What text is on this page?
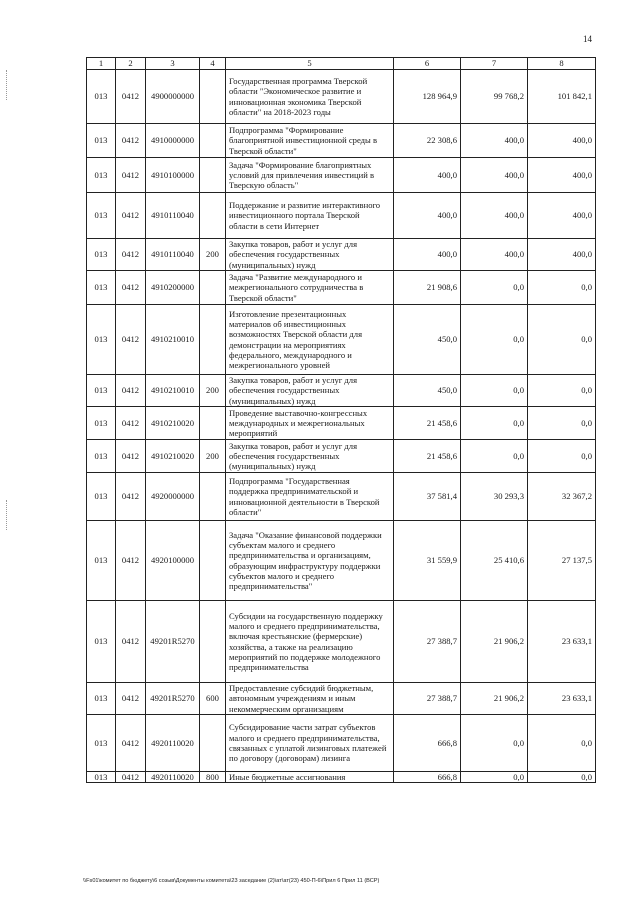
14
1	2	3	4	5	6	7	8
013	0412	4900000000		Государственная программа Тверской области "Экономическое развитие и инновационная экономика Тверской области" на 2018-2023 годы	128 964,9	99 768,2	101 842,1
013	0412	4910000000		Подпрограмма "Формирование благоприятной инвестиционной среды в Тверской области"	22 308,6	400,0	400,0
013	0412	4910100000		Задача "Формирование благоприятных условий для привлечения инвестиций в Тверскую область"	400,0	400,0	400,0
013	0412	4910110040		Поддержание и развитие интерактивного инвестиционного портала Тверской области в сети Интернет	400,0	400,0	400,0
013	0412	4910110040	200	Закупка товаров, работ и услуг для обеспечения государственных (муниципальных) нужд	400,0	400,0	400,0
013	0412	4910200000		Задача "Развитие международного и межрегионального сотрудничества в Тверской области"	21 908,6	0,0	0,0
013	0412	4910210010		Изготовление презентационных материалов об инвестиционных возможностях Тверской области для демонстрации на мероприятиях федерального, международного и межрегионального уровней	450,0	0,0	0,0
013	0412	4910210010	200	Закупка товаров, работ и услуг для обеспечения государственных (муниципальных) нужд	450,0	0,0	0,0
013	0412	4910210020		Проведение выставочно-конгрессных международных и межрегиональных мероприятий	21 458,6	0,0	0,0
013	0412	4910210020	200	Закупка товаров, работ и услуг для обеспечения государственных (муниципальных) нужд	21 458,6	0,0	0,0
013	0412	4920000000		Подпрограмма "Государственная поддержка предпринимательской и инновационной деятельности в Тверской области"	37 581,4	30 293,3	32 367,2
013	0412	4920100000		Задача "Оказание финансовой поддержки субъектам малого и среднего предпринимательства и организациям, образующим инфраструктуру поддержки субъектов малого и среднего предпринимательства"	31 559,9	25 410,6	27 137,5
013	0412	49201R5270		Субсидии на государственную поддержку малого и среднего предпринимательства, включая крестьянские (фермерские) хозяйства, а также на реализацию мероприятий по поддержке молодежного предпринимательства	27 388,7	21 906,2	23 633,1
013	0412	49201R5270	600	Предоставление субсидий бюджетным, автономным учреждениям и иным некоммерческим организациям	27 388,7	21 906,2	23 633,1
013	0412	4920110020		Субсидирование части затрат субъектов малого и среднего предпринимательства, связанных с уплатой лизинговых платежей по договору (договорам) лизинга	666,8	0,0	0,0
013	0412	4920110020	800	Иные бюджетные ассигнования	666,8	0,0	0,0
\\Fs01\комитет по бюджету\6 созыв\Документы комитета\23 заседание (2)\ат\ат(23) 450-П-6\Прил 6 Прил 11 (ВСР)
